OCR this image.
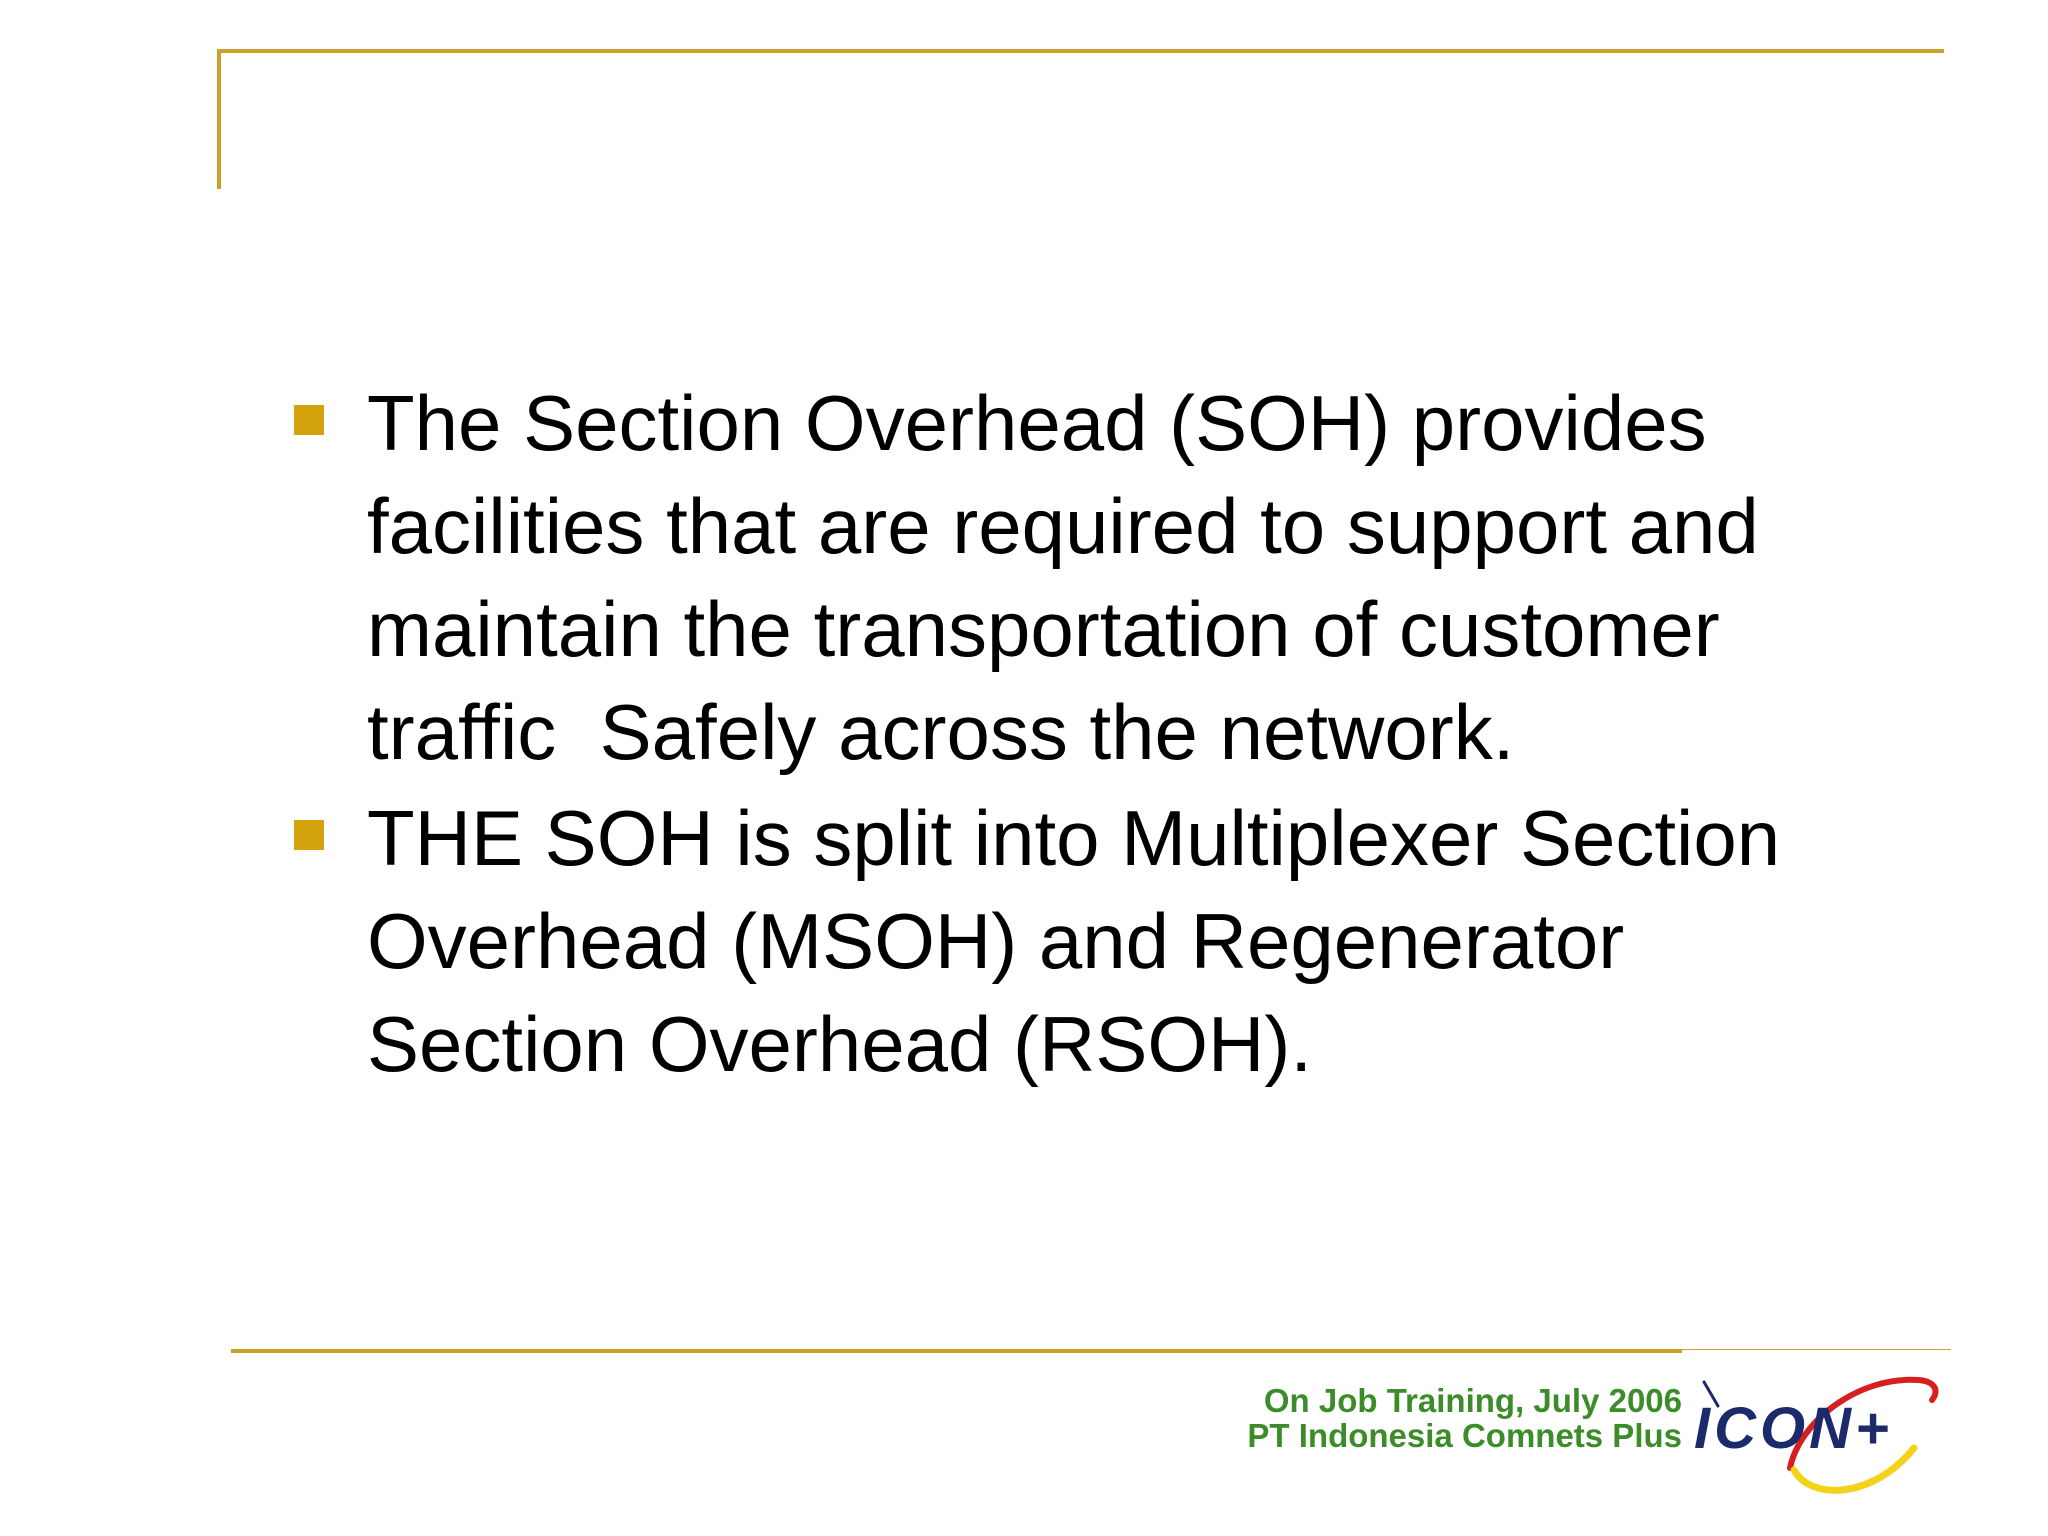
The Section Overhead (SOH) provides
facilities that are required to support and
maintain the transportation of customer
traffic  Safely across the network.
THE SOH is split into Multiplexer Section
Overhead (MSOH) and Regenerator
Section Overhead (RSOH).
On Job Training, July 2006
PT Indonesia Comnets Plus ICON+
